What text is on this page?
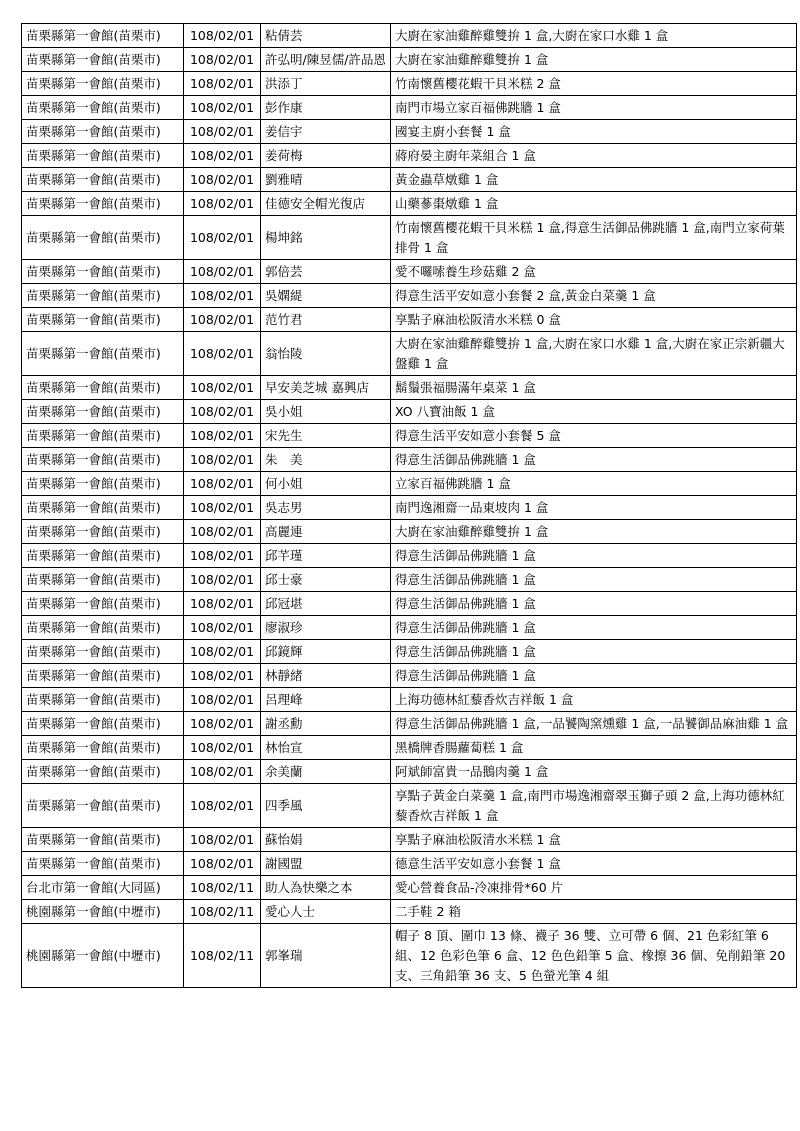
苗栗縣第一會館(苗栗市)	108/02/01	粘倩芸	大廚在家油雞醉雞雙拚 1 盒,大廚在家口水雞 1 盒
苗栗縣第一會館(苗栗市)	108/02/01	許弘明/陳昱儒/許品恩	大廚在家油雞醉雞雙拚 1 盒
苗栗縣第一會館(苗栗市)	108/02/01	洪添丁	竹南懷舊櫻花蝦干貝米糕 2 盒
苗栗縣第一會館(苗栗市)	108/02/01	彭作康	南門市場立家百福佛跳牆 1 盒
苗栗縣第一會館(苗栗市)	108/02/01	姜信宇	國宴主廚小套餐 1 盒
苗栗縣第一會館(苗栗市)	108/02/01	姜荷梅	蔣府晏主廚年菜組合 1 盒
苗栗縣第一會館(苗栗市)	108/02/01	劉雅晴	黃金蟲草燉雞 1 盒
苗栗縣第一會館(苗栗市)	108/02/01	佳德安全帽光復店	山藥蔘棗燉雞 1 盒
苗栗縣第一會館(苗栗市)	108/02/01	楊坤銘	竹南懷舊櫻花蝦干貝米糕 1 盒,得意生活御品佛跳牆 1 盒,南門立家荷葉排骨 1 盒
苗栗縣第一會館(苗栗市)	108/02/01	郭倍芸	愛不囉嗦養生珍菇雞 2 盒
苗栗縣第一會館(苗栗市)	108/02/01	吳嫻緹	得意生活平安如意小套餐 2 盒,黃金白菜羹 1 盒
苗栗縣第一會館(苗栗市)	108/02/01	范竹君	享點子麻油松阪清水米糕 0 盒
苗栗縣第一會館(苗栗市)	108/02/01	翁怡陵	大廚在家油雞醉雞雙拚 1 盒,大廚在家口水雞 1 盒,大廚在家正宗新疆大盤雞 1 盒
苗栗縣第一會館(苗栗市)	108/02/01	早安美芝城 嘉興店	鬍鬚張福腸滿年桌菜 1 盒
苗栗縣第一會館(苗栗市)	108/02/01	吳小姐	XO 八寶油飯 1 盒
苗栗縣第一會館(苗栗市)	108/02/01	宋先生	得意生活平安如意小套餐 5 盒
苗栗縣第一會館(苗栗市)	108/02/01	朱　美	得意生活御品佛跳牆 1 盒
苗栗縣第一會館(苗栗市)	108/02/01	何小姐	立家百福佛跳牆 1 盒
苗栗縣第一會館(苗栗市)	108/02/01	吳志男	南門逸湘齋一品東坡肉 1 盒
苗栗縣第一會館(苗栗市)	108/02/01	高麗連	大廚在家油雞醉雞雙拚 1 盒
苗栗縣第一會館(苗栗市)	108/02/01	邱芊瑾	得意生活御品佛跳牆 1 盒
苗栗縣第一會館(苗栗市)	108/02/01	邱士豪	得意生活御品佛跳牆 1 盒
苗栗縣第一會館(苗栗市)	108/02/01	邱冠堪	得意生活御品佛跳牆 1 盒
苗栗縣第一會館(苗栗市)	108/02/01	廖淑珍	得意生活御品佛跳牆 1 盒
苗栗縣第一會館(苗栗市)	108/02/01	邱鏡輝	得意生活御品佛跳牆 1 盒
苗栗縣第一會館(苗栗市)	108/02/01	林靜緒	得意生活御品佛跳牆 1 盒
苗栗縣第一會館(苗栗市)	108/02/01	呂理峰	上海功德林紅藜香炊吉祥飯 1 盒
苗栗縣第一會館(苗栗市)	108/02/01	謝丞勳	得意生活御品佛跳牆 1 盒,一品饕陶窯燻雞 1 盒,一品饕御品麻油雞 1 盒
苗栗縣第一會館(苗栗市)	108/02/01	林怡宣	黑橋牌香腸蘿蔔糕 1 盒
苗栗縣第一會館(苗栗市)	108/02/01	余美蘭	阿斌師富貴一品鵝肉羹 1 盒
苗栗縣第一會館(苗栗市)	108/02/01	四季風	享點子黃金白菜羹 1 盒,南門市場逸湘齋翠玉獅子頭 2 盒,上海功德林紅藜香炊吉祥飯 1 盒
苗栗縣第一會館(苗栗市)	108/02/01	蘇怡娟	享點子麻油松阪清水米糕 1 盒
苗栗縣第一會館(苗栗市)	108/02/01	謝國盟	德意生活平安如意小套餐 1 盒
台北市第一會館(大同區)	108/02/11	助人為快樂之本	愛心營養食品-冷凍排骨*60 片
桃園縣第一會館(中壢市)	108/02/11	愛心人士	二手鞋 2 箱
桃園縣第一會館(中壢市)	108/02/11	郭峯瑞	帽子 8 頂、圍巾 13 條、襪子 36 雙、立可帶 6 個、21 色彩紅筆 6 組、12 色彩色筆 6 盒、12 色色鉛筆 5 盒、橡擦 36 個、免削鉛筆 20 支、三角鉛筆 36 支、5 色螢光筆 4 組
